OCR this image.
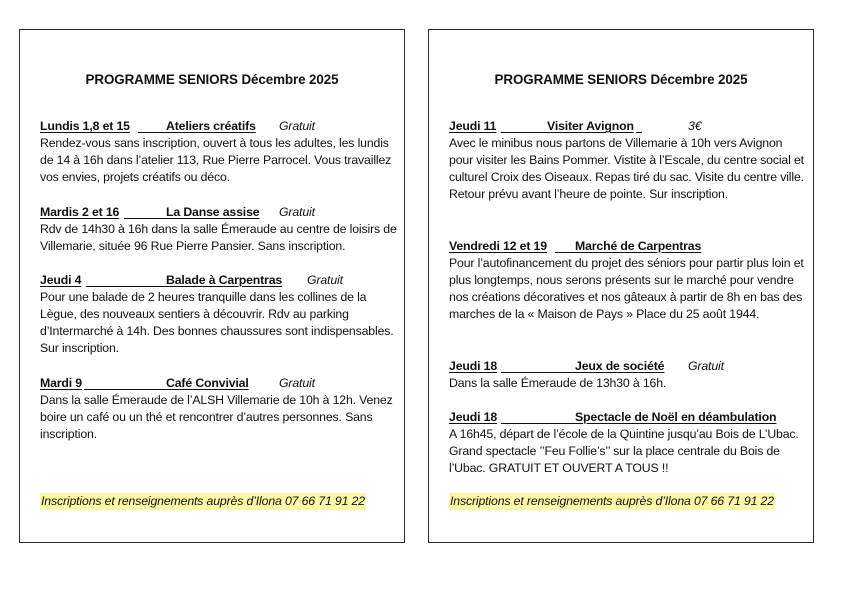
PROGRAMME SENIORS Décembre 2025
Lundis 1,8 et 15	Ateliers créatifs Gratuit

Rendez-vous sans inscription, ouvert à tous les adultes, les lundis de 14 à 16h dans l’atelier 113, Rue Pierre Parrocel. Vous travaillez vos envies, projets créatifs ou déco.

Mardis 2 et 16	La Danse assise Gratuit

Rdv de 14h30 à 16h dans la salle Émeraude au centre de loisirs de Villemarie, située 96 Rue Pierre Pansier. Sans inscription.

Jeudi 4	Balade à Carpentras Gratuit

Pour une balade de 2 heures tranquille dans les collines de la Lègue, des nouveaux sentiers à découvrir. Rdv au parking d’Intermarché à 14h. Des bonnes chaussures sont indispensables. Sur inscription.

Mardi 9	Café Convivial Gratuit

Dans la salle Émeraude de l’ALSH Villemarie de 10h à 12h. Venez boire un café ou un thé et rencontrer d’autres personnes. Sans inscription.

Inscriptions et renseignements auprès d’Ilona 07 66 71 91 22
PROGRAMME SENIORS Décembre 2025
Jeudi 11	Visiter Avignon	3€

Avec le minibus nous partons de Villemarie à 10h vers Avignon pour visiter les Bains Pommer. Vistite à l’Escale, du centre social et culturel Croix des Oiseaux. Repas tiré du sac. Visite du centre ville. Retour prévu avant l’heure de pointe. Sur inscription.

Vendredi 12 et 19 Marché de Carpentras

Pour l’autofinancement du projet des séniors pour partir plus loin et plus longtemps, nous serons présents sur le marché pour vendre nos créations décoratives et nos gâteaux à partir de 8h en bas des marches de la « Maison de Pays » Place du 25 août 1944.

Jeudi 18	Jeux de société Gratuit

Dans la salle Émeraude de 13h30 à 16h.

Jeudi 18	Spectacle de Noël en déambulation

A 16h45, départ de l’école de la Quintine jusqu’au Bois de L’Ubac. Grand spectacle ’’Feu Follie’s’’ sur la place centrale du Bois de l’Ubac. GRATUIT ET OUVERT A TOUS !!

Inscriptions et renseignements auprès d’Ilona 07 66 71 91 22
